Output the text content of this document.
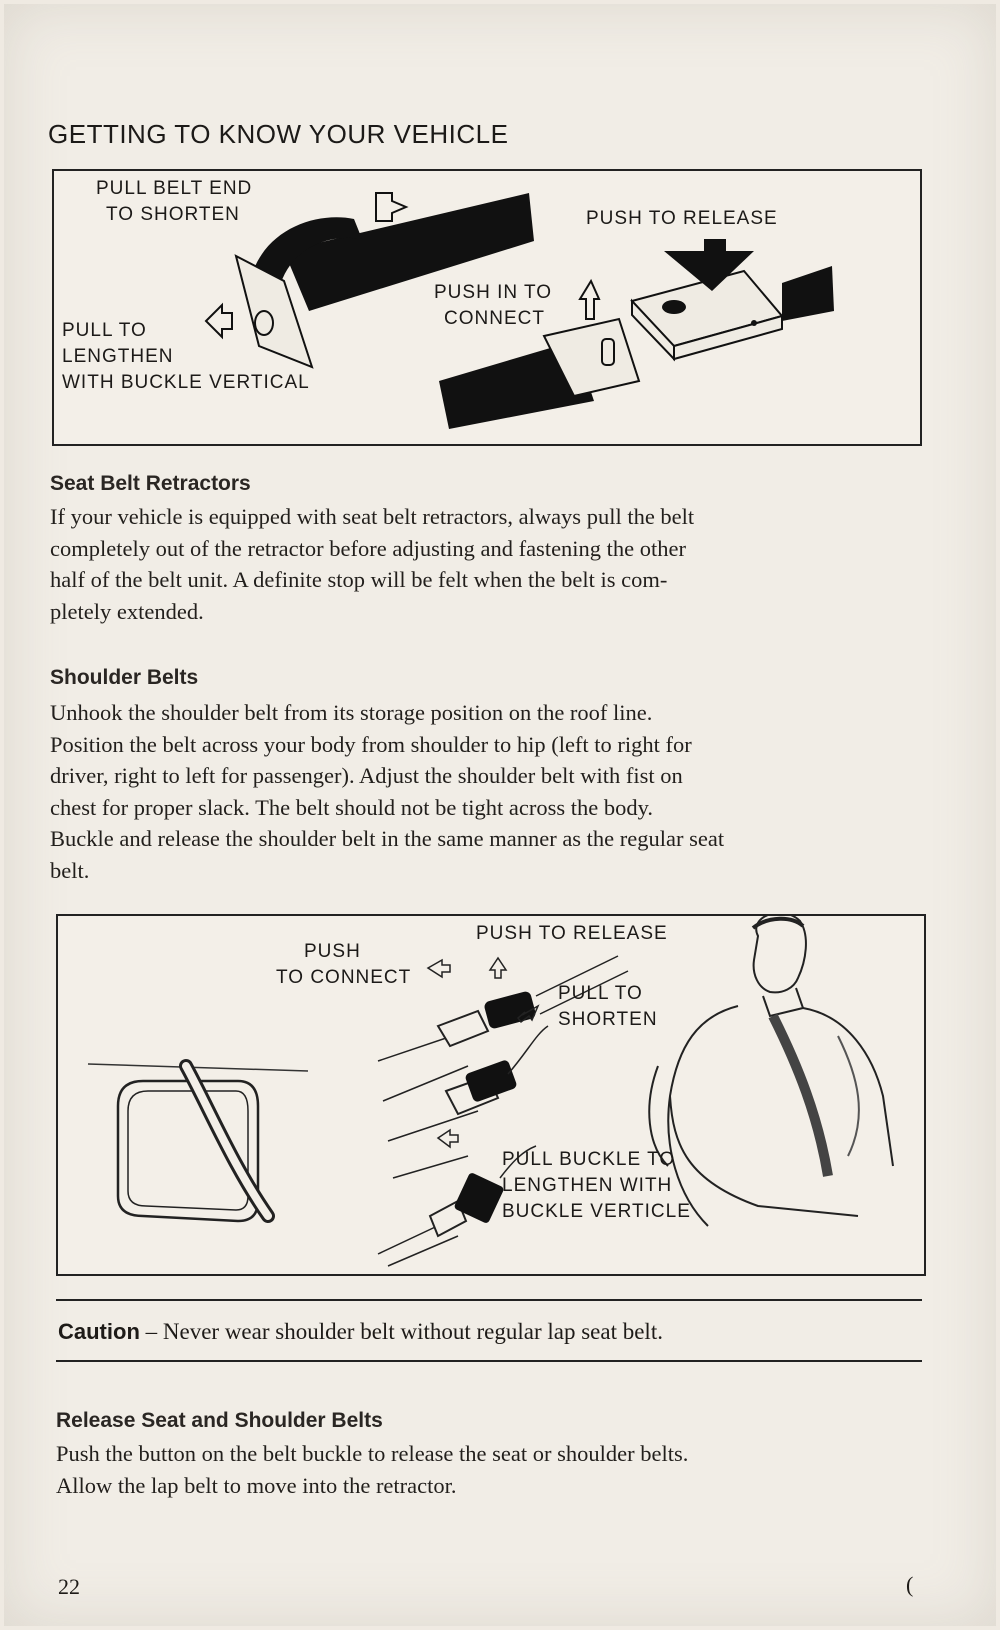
GETTING TO KNOW YOUR VEHICLE
PULL BELT END
TO SHORTEN
PULL TO
LENGTHEN
WITH BUCKLE VERTICAL
PUSH IN TO
CONNECT
PUSH TO RELEASE
Seat Belt Retractors
If your vehicle is equipped with seat belt retractors, always pull the belt
completely out of the retractor before adjusting and fastening the other
half of the belt unit. A definite stop will be felt when the belt is com-
pletely extended.
Shoulder Belts
Unhook the shoulder belt from its storage position on the roof line.
Position the belt across your body from shoulder to hip (left to right for
driver, right to left for passenger). Adjust the shoulder belt with fist on
chest for proper slack. The belt should not be tight across the body.
Buckle and release the shoulder belt in the same manner as the regular seat
belt.
PUSH
TO CONNECT
PUSH TO RELEASE
PULL TO
SHORTEN
PULL BUCKLE TO
LENGTHEN WITH
BUCKLE VERTICLE
Caution – Never wear shoulder belt without regular lap seat belt.
Release Seat and Shoulder Belts
Push the button on the belt buckle to release the seat or shoulder belts.
Allow the lap belt to move into the retractor.
22	(
